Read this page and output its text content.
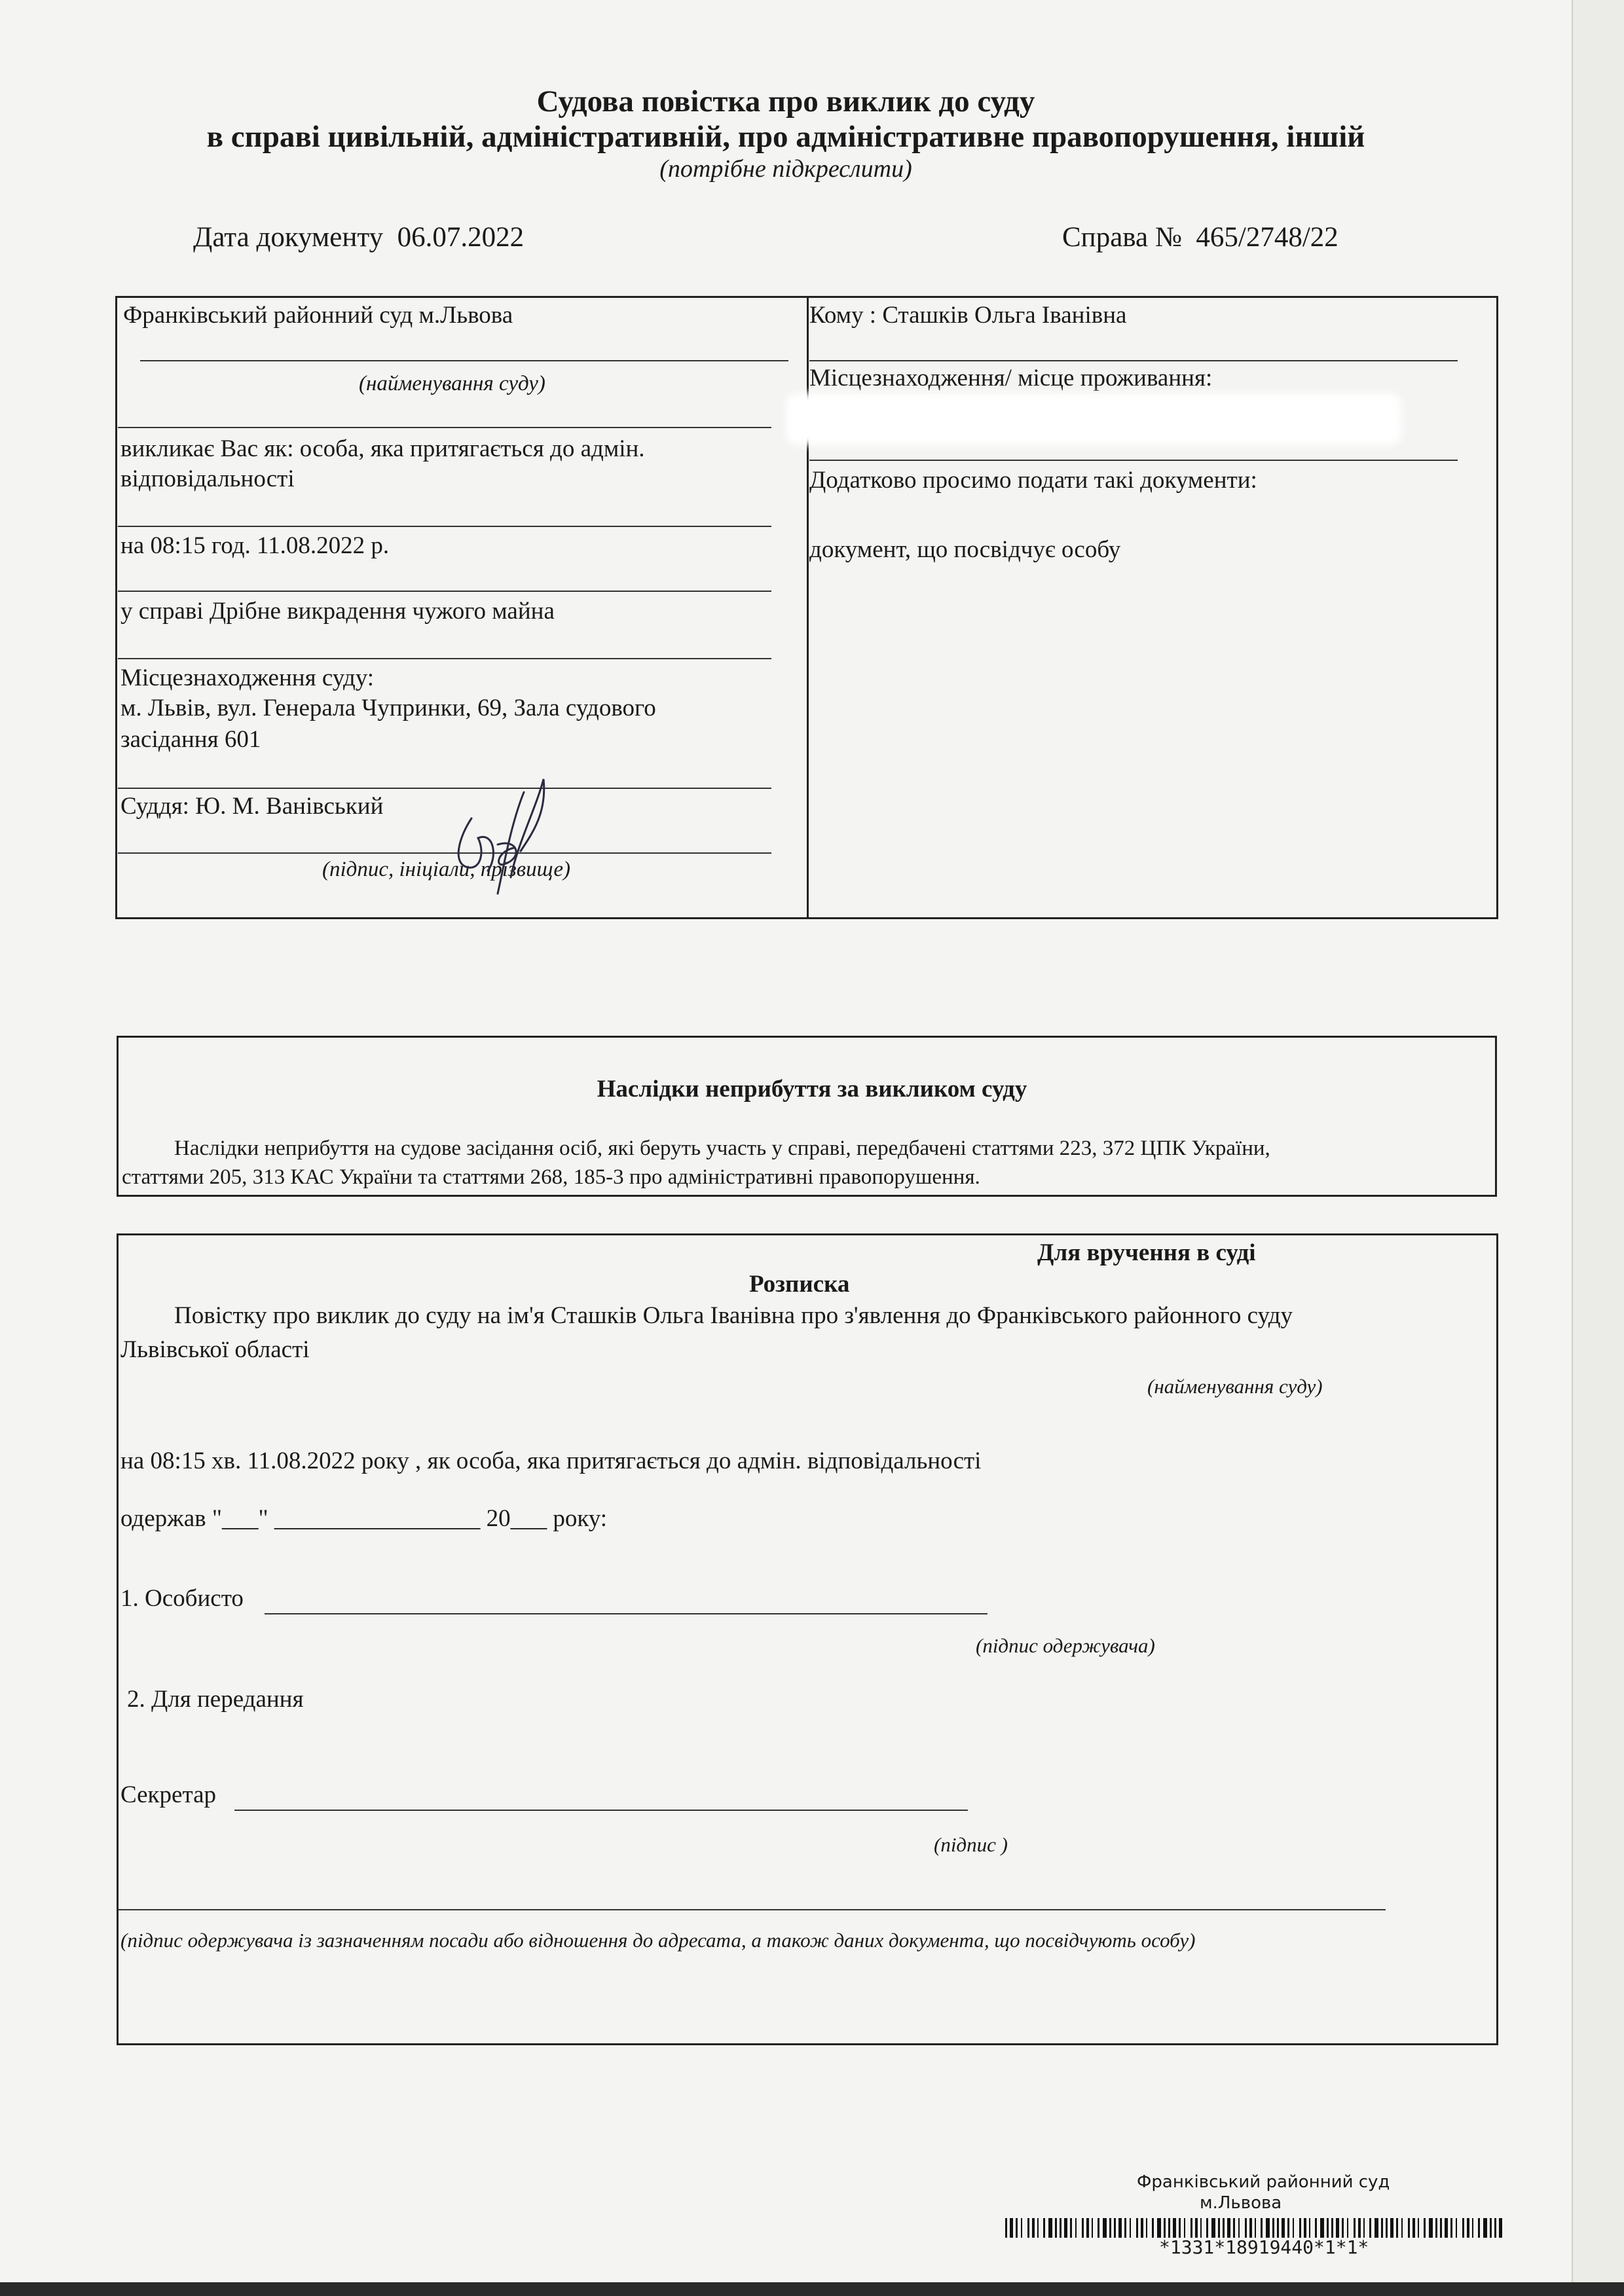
Судова повістка про виклик до суду
в справі цивільній, адміністративній, про адміністративне правопорушення, іншій
(потрібне підкреслити)
Дата документу 06.07.2022	Справа № 465/2748/22
Франківський районний суд м.Львова
(найменування суду)
викликає Вас як: особа, яка притягається до адмін.
відповідальності
на 08:15 год. 11.08.2022 р.
у справі Дрібне викрадення чужого майна
Місцезнаходження суду:
м. Львів, вул. Генерала Чупринки, 69, Зала судового
засідання 601
Суддя: Ю. М. Ванівський
(підпис, ініціали, прізвище)
Кому : Сташків Ольга Іванівна
Місцезнаходження/ місце проживання:
Додатково просимо подати такі документи:
документ, що посвідчує особу
Наслідки неприбуття за викликом суду
Наслідки неприбуття на судове засідання осіб, які беруть участь у справі, передбачені статтями 223, 372 ЦПК України,
статтями 205, 313 КАС України та статтями 268, 185-3 про адміністративні правопорушення.
Для вручення в суді
Розписка
Повістку про виклик до суду на ім'я Сташків Ольга Іванівна про з'явлення до Франківського районного суду
Львівської області
(найменування суду)
на 08:15 хв. 11.08.2022 року , як особа, яка притягається до адмін. відповідальності
одержав "___" _________________ 20___ року:
1. Особисто
(підпис одержувача)
2. Для передання
Секретар
(підпис )
(підпис одержувача із зазначенням посади або відношення до адресата, а також даних документа, що посвідчують особу)
Франківський районний суд
м.Львова
*1331*18919440*1*1*
